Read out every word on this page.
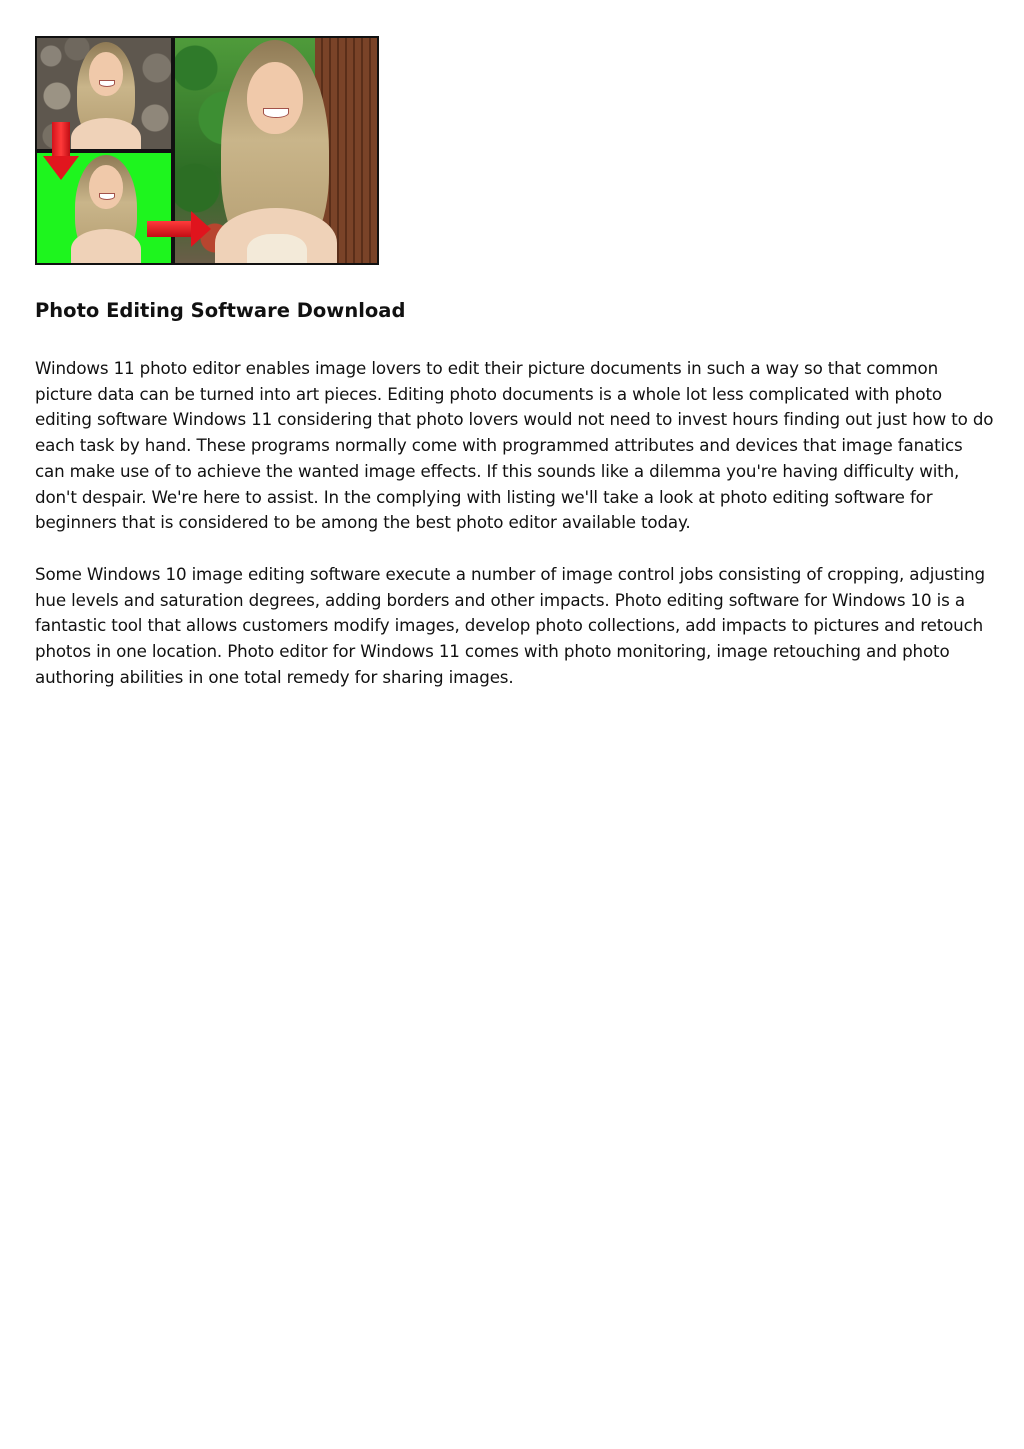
Photo Editing Software Download

Windows 11 photo editor enables image lovers to edit their picture documents in such a way so that common picture data can be turned into art pieces. Editing photo documents is a whole lot less complicated with photo editing software Windows 11 considering that photo lovers would not need to invest hours finding out just how to do each task by hand. These programs normally come with programmed attributes and devices that image fanatics can make use of to achieve the wanted image effects. If this sounds like a dilemma you're having difficulty with, don't despair. We're here to assist. In the complying with listing we'll take a look at photo editing software for beginners that is considered to be among the best photo editor available today.

Some Windows 10 image editing software execute a number of image control jobs consisting of cropping, adjusting hue levels and saturation degrees, adding borders and other impacts. Photo editing software for Windows 10 is a fantastic tool that allows customers modify images, develop photo collections, add impacts to pictures and retouch photos in one location. Photo editor for Windows 11 comes with photo monitoring, image retouching and photo authoring abilities in one total remedy for sharing images.
